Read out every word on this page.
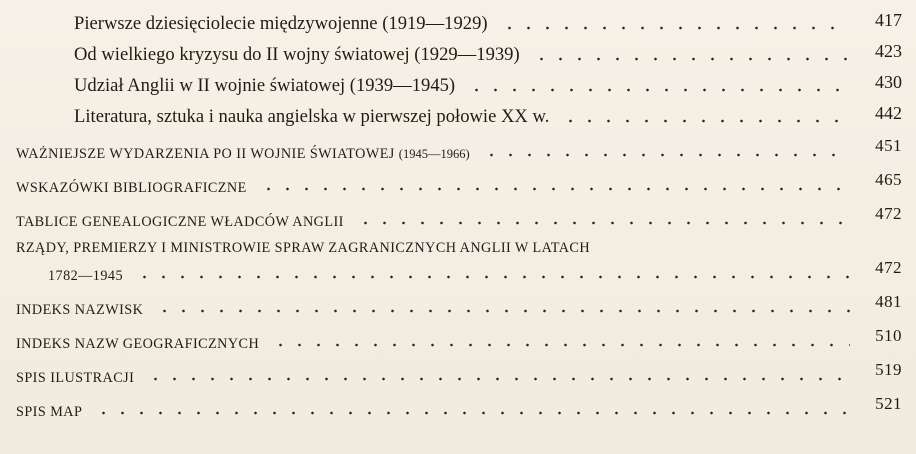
Pierwsze dziesięciolecie międzywojenne (1919—1929)	417
Od wielkiego kryzysu do II wojny światowej (1929—1939)	423
Udział Anglii w II wojnie światowej (1939—1945)	430
Literatura, sztuka i nauka angielska w pierwszej połowie XX w.	442
WAŻNIEJSZE WYDARZENIA PO II WOJNIE ŚWIATOWEJ (1945—1966)	451
WSKAZÓWKI BIBLIOGRAFICZNE	465
TABLICE GENEALOGICZNE WŁADCÓW ANGLII	472
RZĄDY, PREMIERZY I MINISTROWIE SPRAW ZAGRANICZNYCH ANGLII W LATACH
1782—1945	472
INDEKS NAZWISK	481
INDEKS NAZW GEOGRAFICZNYCH	510
SPIS ILUSTRACJI	519
SPIS MAP	521
